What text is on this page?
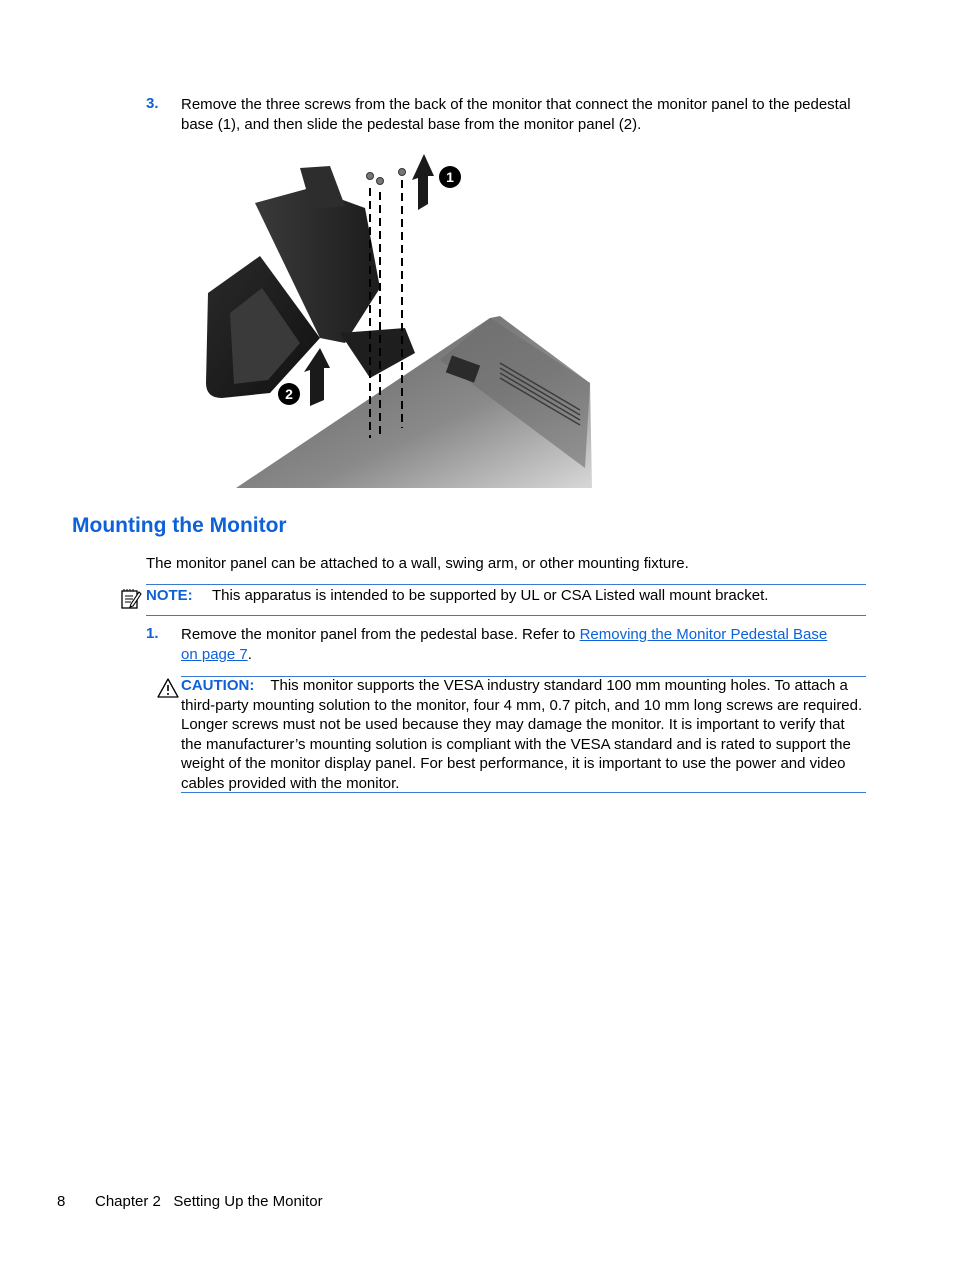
3. Remove the three screws from the back of the monitor that connect the monitor panel to the pedestal base (1), and then slide the pedestal base from the monitor panel (2).
1
2
Mounting the Monitor
The monitor panel can be attached to a wall, swing arm, or other mounting fixture.
NOTE: This apparatus is intended to be supported by UL or CSA Listed wall mount bracket.
1. Remove the monitor panel from the pedestal base. Refer to Removing the Monitor Pedestal Base on page 7.
CAUTION: This monitor supports the VESA industry standard 100 mm mounting holes. To attach a third-party mounting solution to the monitor, four 4 mm, 0.7 pitch, and 10 mm long screws are required. Longer screws must not be used because they may damage the monitor. It is important to verify that the manufacturer’s mounting solution is compliant with the VESA standard and is rated to support the weight of the monitor display panel. For best performance, it is important to use the power and video cables provided with the monitor.
8 Chapter 2   Setting Up the Monitor
